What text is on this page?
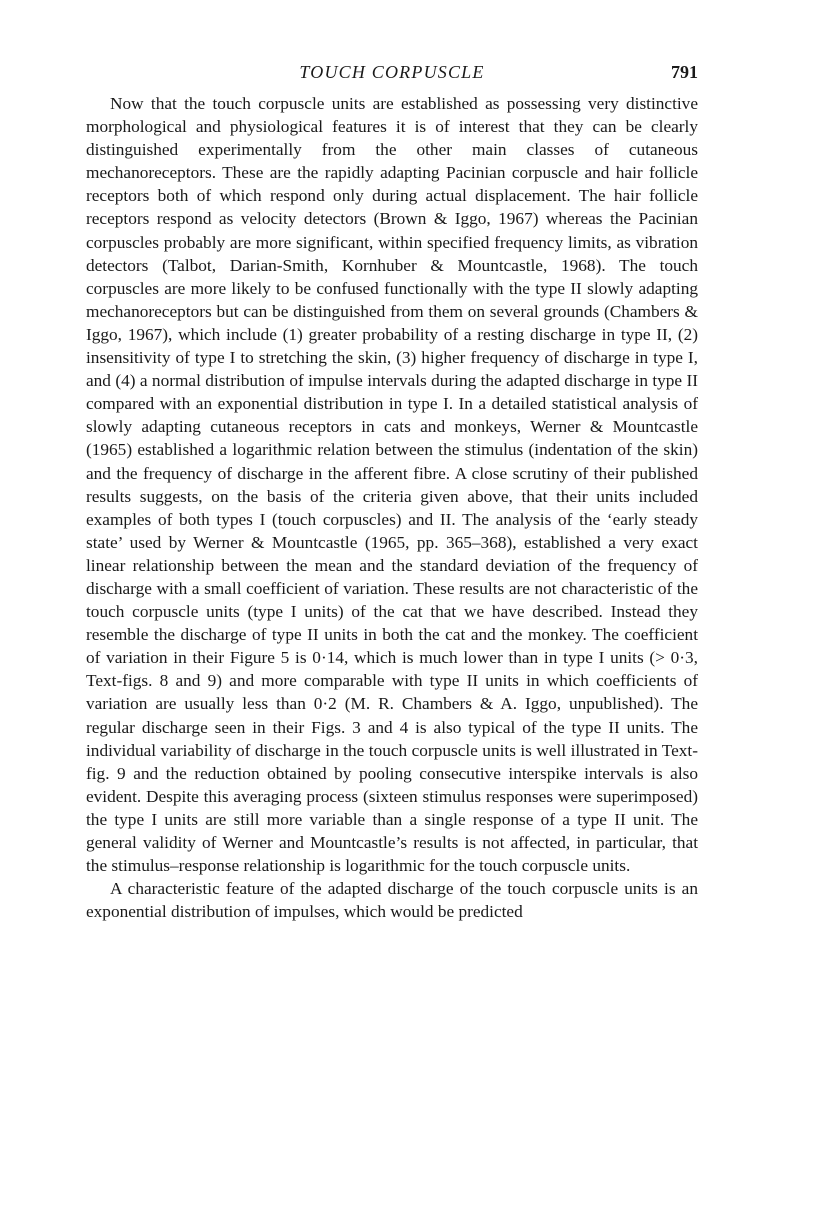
TOUCH CORPUSCLE	791

Now that the touch corpuscle units are established as possessing very distinctive morphological and physiological features it is of interest that they can be clearly distinguished experimentally from the other main classes of cutaneous mechanoreceptors. These are the rapidly adapting Pacinian corpuscle and hair follicle receptors both of which respond only during actual displacement. The hair follicle receptors respond as velocity detectors (Brown & Iggo, 1967) whereas the Pacinian corpuscles probably are more significant, within specified frequency limits, as vibration detectors (Talbot, Darian-Smith, Kornhuber & Mountcastle, 1968). The touch corpuscles are more likely to be confused functionally with the type II slowly adapting mechanoreceptors but can be distinguished from them on several grounds (Chambers & Iggo, 1967), which include (1) greater probability of a resting discharge in type II, (2) insensitivity of type I to stretching the skin, (3) higher frequency of discharge in type I, and (4) a normal distribution of impulse intervals during the adapted discharge in type II compared with an exponential distribution in type I. In a detailed statistical analysis of slowly adapting cutaneous receptors in cats and monkeys, Werner & Mountcastle (1965) established a logarithmic relation between the stimulus (indentation of the skin) and the frequency of discharge in the afferent fibre. A close scrutiny of their published results suggests, on the basis of the criteria given above, that their units included examples of both types I (touch corpuscles) and II. The analysis of the ‘early steady state’ used by Werner & Mountcastle (1965, pp. 365–368), established a very exact linear relationship between the mean and the standard deviation of the frequency of discharge with a small coefficient of variation. These results are not characteristic of the touch corpuscle units (type I units) of the cat that we have described. Instead they resemble the discharge of type II units in both the cat and the monkey. The coefficient of variation in their Figure 5 is 0·14, which is much lower than in type I units (> 0·3, Text-figs. 8 and 9) and more comparable with type II units in which coefficients of variation are usually less than 0·2 (M. R. Chambers & A. Iggo, unpublished). The regular discharge seen in their Figs. 3 and 4 is also typical of the type II units. The individual variability of discharge in the touch corpuscle units is well illustrated in Text-fig. 9 and the reduction obtained by pooling consecutive interspike intervals is also evident. Despite this averaging process (sixteen stimulus responses were superimposed) the type I units are still more variable than a single response of a type II unit. The general validity of Werner and Mountcastle’s results is not affected, in particular, that the stimulus–response relationship is logarithmic for the touch corpuscle units.

A characteristic feature of the adapted discharge of the touch corpuscle units is an exponential distribution of impulses, which would be predicted
